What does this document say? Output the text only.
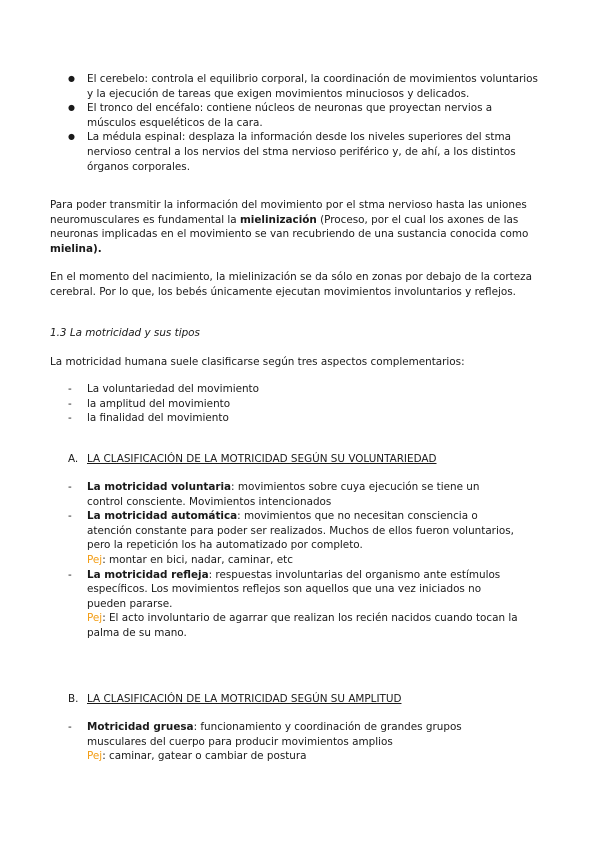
● El cerebelo: controla el equilibrio corporal, la coordinación de movimientos voluntarios y la ejecución de tareas que exigen movimientos minuciosos y delicados.
● El tronco del encéfalo: contiene núcleos de neuronas que proyectan nervios a músculos esqueléticos de la cara.
● La médula espinal: desplaza la información desde los niveles superiores del stma nervioso central a los nervios del stma nervioso periférico y, de ahí, a los distintos órganos corporales.
Para poder transmitir la información del movimiento por el stma nervioso hasta las uniones neuromusculares es fundamental la mielinización (Proceso, por el cual los axones de las neuronas implicadas en el movimiento se van recubriendo de una sustancia conocida como mielina).
En el momento del nacimiento, la mielinización se da sólo en zonas por debajo de la corteza cerebral. Por lo que, los bebés únicamente ejecutan movimientos involuntarios y reflejos.
1.3 La motricidad y sus tipos
La motricidad humana suele clasificarse según tres aspectos complementarios:
- La voluntariedad del movimiento
- la amplitud del movimiento
- la finalidad del movimiento
A. LA CLASIFICACIÓN DE LA MOTRICIDAD SEGÚN SU VOLUNTARIEDAD
- La motricidad voluntaria: movimientos sobre cuya ejecución se tiene un control consciente. Movimientos intencionados
- La motricidad automática: movimientos que no necesitan consciencia o atención constante para poder ser realizados. Muchos de ellos fueron voluntarios, pero la repetición los ha automatizado por completo.
Pej: montar en bici, nadar, caminar, etc
- La motricidad refleja: respuestas involuntarias del organismo ante estímulos específicos. Los movimientos reflejos son aquellos que una vez iniciados no pueden pararse.
Pej: El acto involuntario de agarrar que realizan los recién nacidos cuando tocan la palma de su mano.
B. LA CLASIFICACIÓN DE LA MOTRICIDAD SEGÚN SU AMPLITUD
- Motricidad gruesa: funcionamiento y coordinación de grandes grupos musculares del cuerpo para producir movimientos amplios
Pej: caminar, gatear o cambiar de postura
